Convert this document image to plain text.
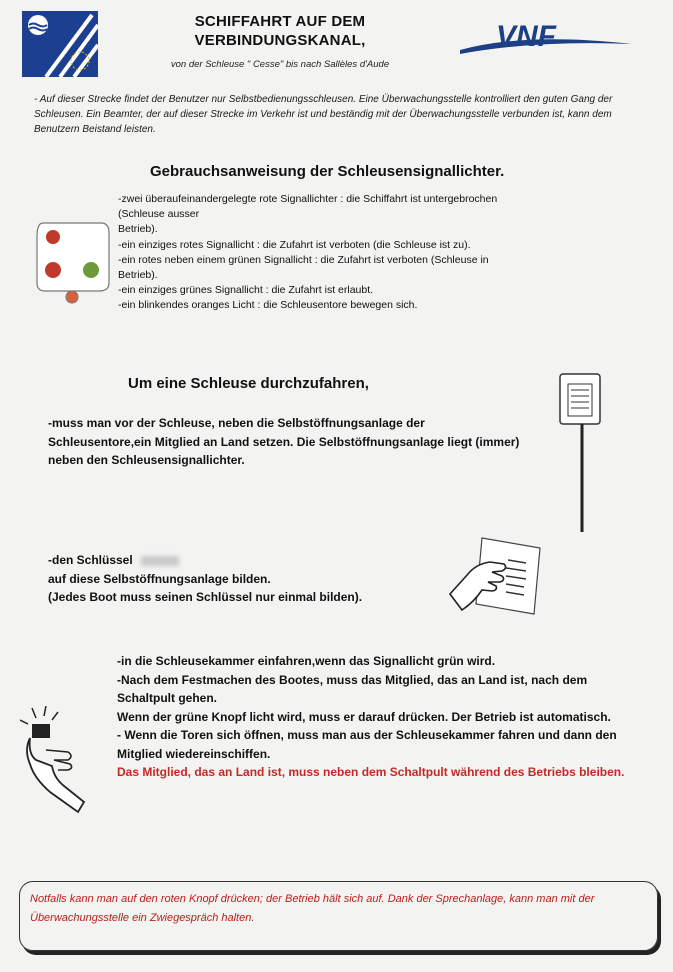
SCHIFFAHRT AUF DEM
VERBINDUNGSKANAL,
von der Schleuse " Cesse" bis nach Sallèles d'Aude
VNF
- Auf dieser Strecke findet der Benutzer nur Selbstbedienungsschleusen. Eine Überwachungsstelle kontrolliert den guten Gang der Schleusen. Ein Beamter, der auf dieser Strecke im Verkehr ist und beständig mit der Überwachungsstelle verbunden ist, kann dem Benutzern Beistand leisten.
Gebrauchsanweisung der Schleusensignallichter.
-zwei überaufeinandergelegte rote Signallichter : die Schiffahrt ist untergebrochen
(Schleuse ausser
Betrieb).
-ein einziges rotes Signallicht : die Zufahrt ist verboten (die Schleuse ist zu).
-ein rotes neben einem grünen Signallicht : die Zufahrt ist verboten (Schleuse in
Betrieb).
-ein einziges grünes Signallicht : die Zufahrt ist erlaubt.
-ein blinkendes oranges Licht : die Schleusentore bewegen sich.
Um eine Schleuse durchzufahren,
-muss man vor der Schleuse, neben die Selbstöffnungsanlage der Schleusentore,ein Mitglied an Land setzen. Die Selbstöffnungsanlage liegt (immer) neben den Schleusensignallichter.
-den Schlüssel
auf diese Selbstöffnungsanlage bilden.
(Jedes Boot muss seinen Schlüssel nur einmal bilden).
-in die Schleusekammer einfahren,wenn das Signallicht grün wird.
-Nach dem Festmachen des Bootes, muss das Mitglied, das an Land ist, nach dem Schaltpult gehen.
Wenn der grüne Knopf licht wird, muss er darauf drücken. Der Betrieb ist automatisch.
- Wenn die Toren sich öffnen, muss man aus der Schleusekammer fahren und dann den Mitglied wiedereinschiffen.
Das Mitglied, das an Land ist, muss neben dem Schaltpult während des Betriebs bleiben.
Notfalls kann man auf den roten Knopf drücken; der Betrieb hält sich auf. Dank der Sprechanlage, kann man mit der Überwachungsstelle ein Zwiegespräch halten.
